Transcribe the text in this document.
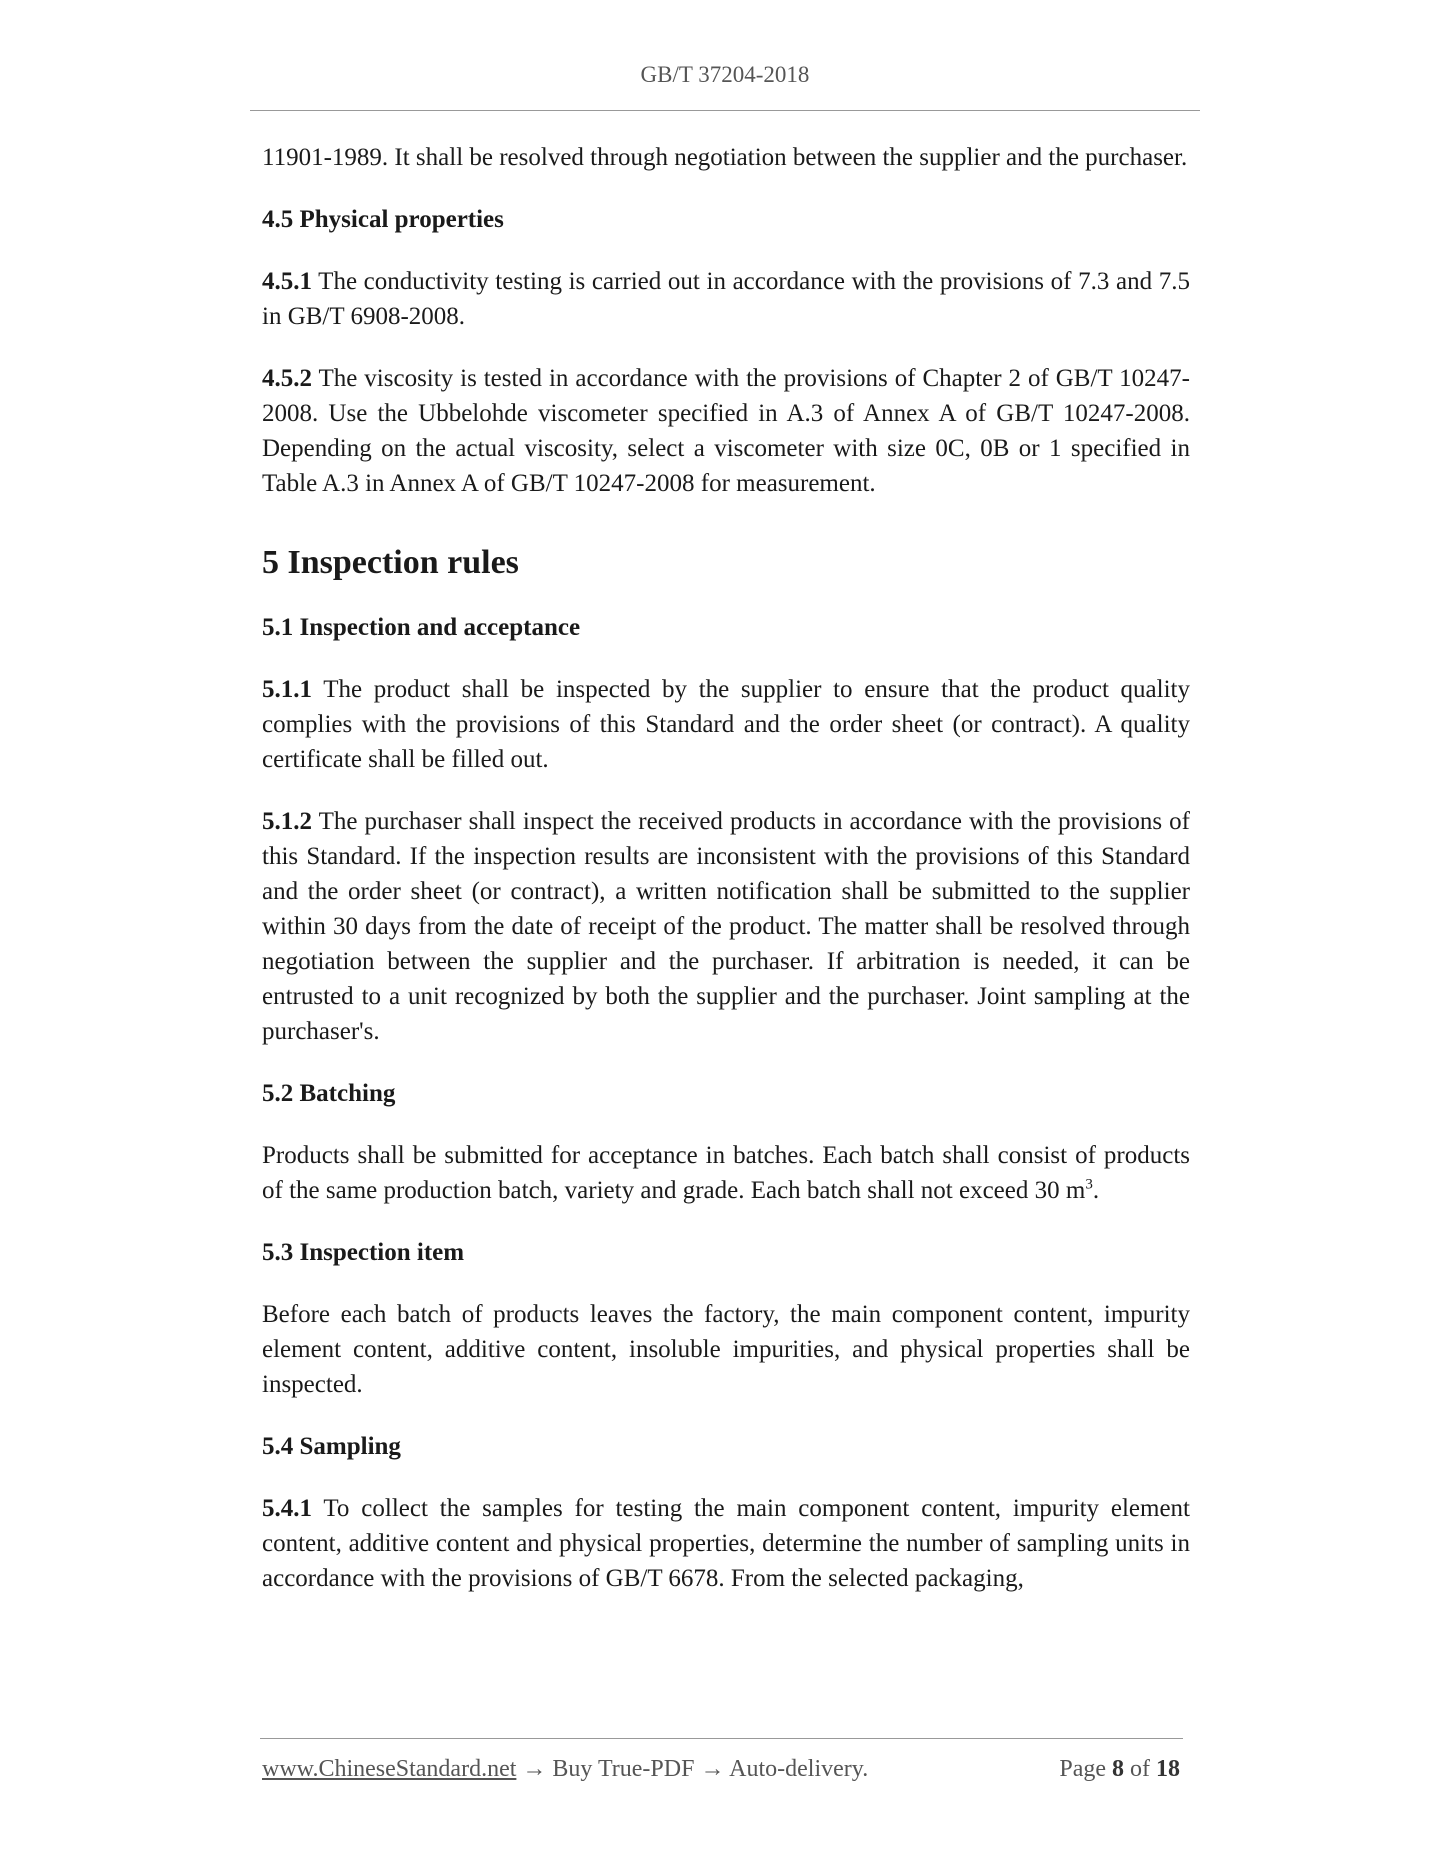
GB/T 37204-2018

11901-1989. It shall be resolved through negotiation between the supplier and the purchaser.

4.5 Physical properties

4.5.1 The conductivity testing is carried out in accordance with the provisions of 7.3 and 7.5 in GB/T 6908-2008.

4.5.2 The viscosity is tested in accordance with the provisions of Chapter 2 of GB/T 10247-2008. Use the Ubbelohde viscometer specified in A.3 of Annex A of GB/T 10247-2008. Depending on the actual viscosity, select a viscometer with size 0C, 0B or 1 specified in Table A.3 in Annex A of GB/T 10247-2008 for measurement.

5 Inspection rules
5.1 Inspection and acceptance

5.1.1 The product shall be inspected by the supplier to ensure that the product quality complies with the provisions of this Standard and the order sheet (or contract). A quality certificate shall be filled out.

5.1.2 The purchaser shall inspect the received products in accordance with the provisions of this Standard. If the inspection results are inconsistent with the provisions of this Standard and the order sheet (or contract), a written notification shall be submitted to the supplier within 30 days from the date of receipt of the product. The matter shall be resolved through negotiation between the supplier and the purchaser. If arbitration is needed, it can be entrusted to a unit recognized by both the supplier and the purchaser. Joint sampling at the purchaser's.

5.2 Batching

Products shall be submitted for acceptance in batches. Each batch shall consist of products of the same production batch, variety and grade. Each batch shall not exceed 30 $m^3$.

5.3 Inspection item

Before each batch of products leaves the factory, the main component content, impurity element content, additive content, insoluble impurities, and physical properties shall be inspected.

5.4 Sampling

5.4.1 To collect the samples for testing the main component content, impurity element content, additive content and physical properties, determine the number of sampling units in accordance with the provisions of GB/T 6678. From the selected packaging,

www.ChineseStandard.net → Buy True-PDF → Auto-delivery.	Page 8 of 18
